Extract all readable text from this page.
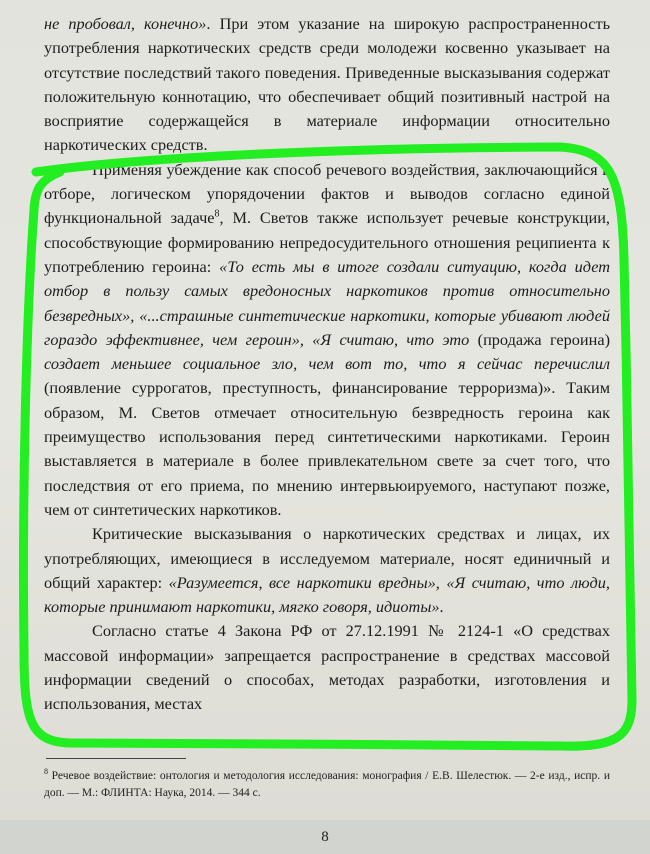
не пробовал, конечно». При этом указание на широкую распространенность употребления наркотических средств среди молодежи косвенно указывает на отсутствие последствий такого поведения. Приведенные высказывания содержат положительную коннотацию, что обеспечивает общий позитивный настрой на восприятие содержащейся в материале информации относительно наркотических средств.

Применяя убеждение как способ речевого воздействия, заключающийся в отборе, логическом упорядочении фактов и выводов согласно единой функциональной задаче$^8$, М. Светов также использует речевые конструкции, способствующие формированию непредосудительного отношения реципиента к употреблению героина: «То есть мы в итоге создали ситуацию, когда идет отбор в пользу самых вредоносных наркотиков против относительно безвредных», «...страшные синтетические наркотики, которые убивают людей гораздо эффективнее, чем героин», «Я считаю, что это (продажа героина) создает меньшее социальное зло, чем вот то, что я сейчас перечислил (появление суррогатов, преступность, финансирование терроризма)». Таким образом, М. Светов отмечает относительную безвредность героина как преимущество использования перед синтетическими наркотиками. Героин выставляется в материале в более привлекательном свете за счет того, что последствия от его приема, по мнению интервьюируемого, наступают позже, чем от синтетических наркотиков.

Критические высказывания о наркотических средствах и лицах, их употребляющих, имеющиеся в исследуемом материале, носят единичный и общий характер: «Разумеется, все наркотики вредны», «Я считаю, что люди, которые принимают наркотики, мягко говоря, идиоты».

Согласно статье 4 Закона РФ от 27.12.1991 № 2124-1 «О средствах массовой информации» запрещается распространение в средствах массовой информации сведений о способах, методах разработки, изготовления и использования, местах

$^8$ Речевое воздействие: онтология и методология исследования: монография / Е.В. Шелестюк. — 2-е изд., испр. и доп. — М.: ФЛИНТА: Наука, 2014. — 344 с.
8
